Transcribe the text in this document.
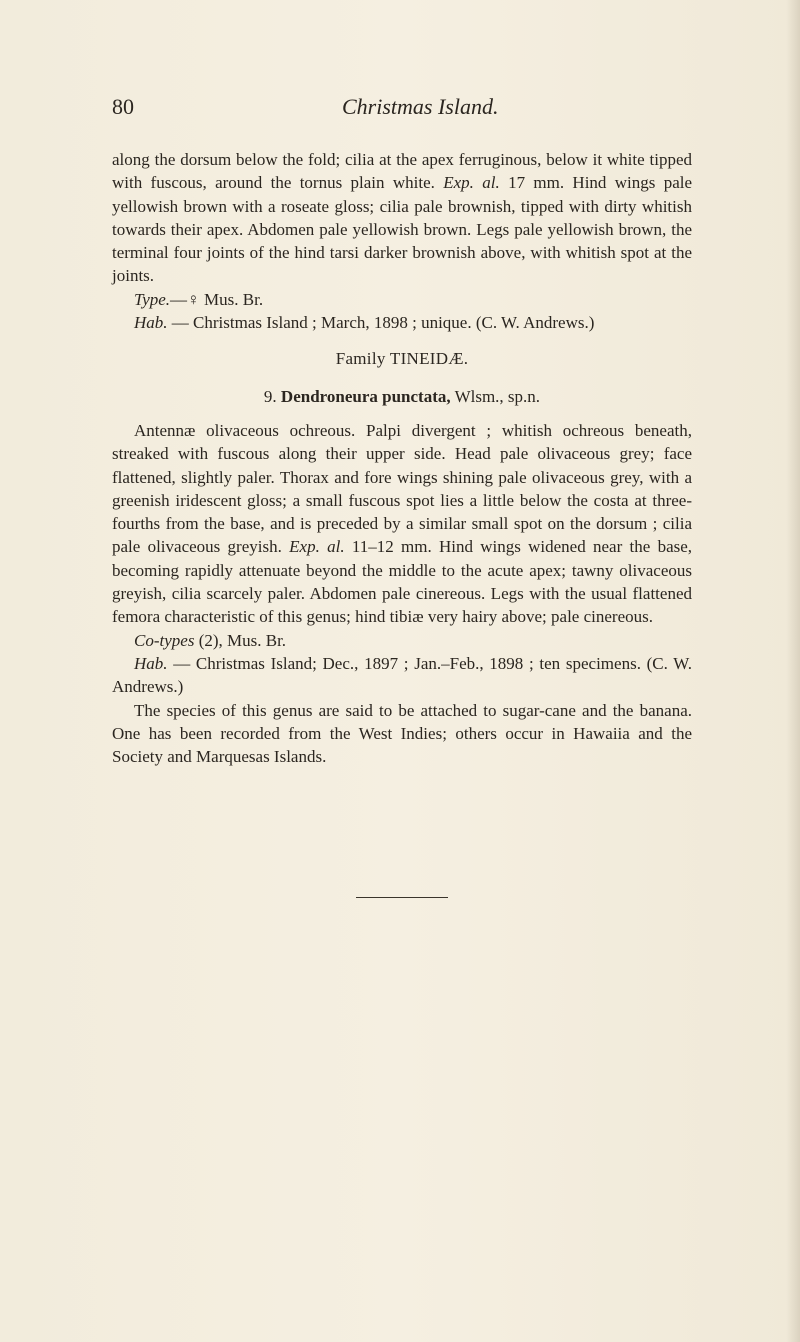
80	Christmas Island.

along the dorsum below the fold; cilia at the apex ferruginous, below it white tipped with fuscous, around the tornus plain white. Exp. al. 17 mm. Hind wings pale yellowish brown with a roseate gloss; cilia pale brownish, tipped with dirty whitish towards their apex. Abdomen pale yellowish brown. Legs pale yellowish brown, the terminal four joints of the hind tarsi darker brownish above, with whitish spot at the joints.

Type.—♀ Mus. Br.

Hab. — Christmas Island ; March, 1898 ; unique. (C. W. Andrews.)

Family TINEIDÆ.

9. Dendroneura punctata, Wlsm., sp.n.

Antennæ olivaceous ochreous. Palpi divergent ; whitish ochreous beneath, streaked with fuscous along their upper side. Head pale olivaceous grey; face flattened, slightly paler. Thorax and fore wings shining pale olivaceous grey, with a greenish iridescent gloss; a small fuscous spot lies a little below the costa at three-fourths from the base, and is preceded by a similar small spot on the dorsum ; cilia pale olivaceous greyish. Exp. al. 11–12 mm. Hind wings widened near the base, becoming rapidly attenuate beyond the middle to the acute apex; tawny olivaceous greyish, cilia scarcely paler. Abdomen pale cinereous. Legs with the usual flattened femora characteristic of this genus; hind tibiæ very hairy above; pale cinereous.

Co-types (2), Mus. Br.

Hab. — Christmas Island; Dec., 1897 ; Jan.–Feb., 1898 ; ten specimens. (C. W. Andrews.)

The species of this genus are said to be attached to sugar-cane and the banana. One has been recorded from the West Indies; others occur in Hawaiia and the Society and Marquesas Islands.
